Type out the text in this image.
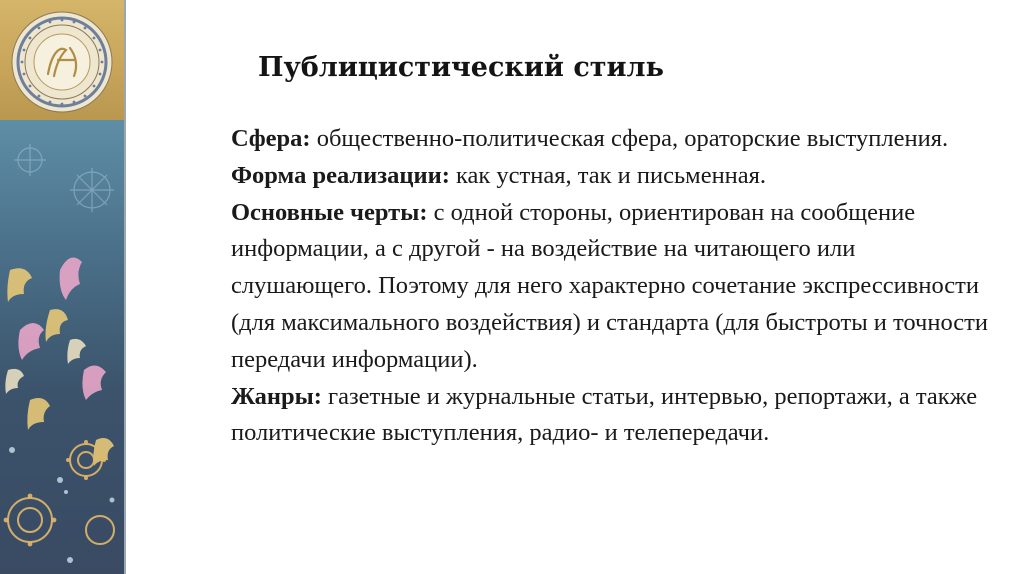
Публицистический стиль

Сфера: общественно-политическая сфера, ораторские выступления.

Форма реализации: как устная, так и письменная.

Основные черты: с одной стороны, ориентирован на сообщение информации, а с другой - на воздействие на читающего или слушающего. Поэтому для него характерно сочетание экспрессивности (для максимального воздействия) и стандарта (для быстроты и точности передачи информации).

Жанры: газетные и журнальные статьи, интервью, репортажи, а также политические выступления, радио- и телепередачи.
